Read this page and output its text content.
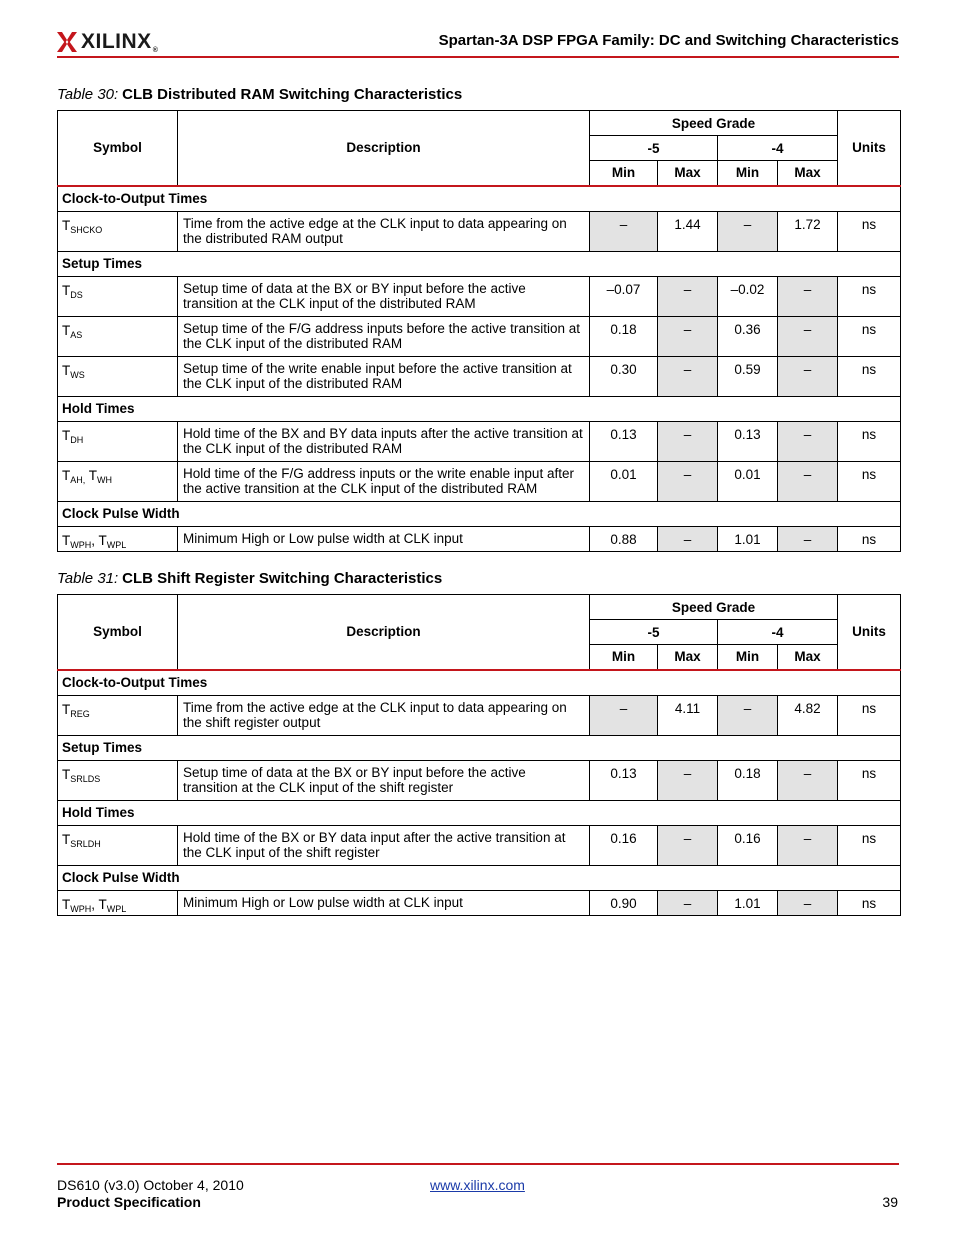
XILINX®
Spartan-3A DSP FPGA Family: DC and Switching Characteristics
Table 30: CLB Distributed RAM Switching Characteristics
Symbol	Description	Speed Grade				Units
		-5		-4		
		Min	Max	Min	Max	
Clock-to-Output Times						
$T_{SHCKO}$	Time from the active edge at the CLK input to data appearing on the distributed RAM output	–	1.44	–	1.72	ns
Setup Times						
$T_{DS}$	Setup time of data at the BX or BY input before the active transition at the CLK input of the distributed RAM	–0.07	–	–0.02	–	ns
$T_{AS}$	Setup time of the F/G address inputs before the active transition at the CLK input of the distributed RAM	0.18	–	0.36	–	ns
$T_{WS}$	Setup time of the write enable input before the active transition at the CLK input of the distributed RAM	0.30	–	0.59	–	ns
Hold Times						
$T_{DH}$	Hold time of the BX and BY data inputs after the active transition at the CLK input of the distributed RAM	0.13	–	0.13	–	ns
$T_{AH,}$ $T_{WH}$	Hold time of the F/G address inputs or the write enable input after the active transition at the CLK input of the distributed RAM	0.01	–	0.01	–	ns
Clock Pulse Width						
$T_{WPH}$, $T_{WPL}$	Minimum High or Low pulse width at CLK input	0.88	–	1.01	–	ns
Table 31: CLB Shift Register Switching Characteristics
Symbol	Description	Speed Grade				Units
		-5		-4		
		Min	Max	Min	Max	
Clock-to-Output Times						
$T_{REG}$	Time from the active edge at the CLK input to data appearing on the shift register output	–	4.11	–	4.82	ns
Setup Times						
$T_{SRLDS}$	Setup time of data at the BX or BY input before the active transition at the CLK input of the shift register	0.13	–	0.18	–	ns
Hold Times						
$T_{SRLDH}$	Hold time of the BX or BY data input after the active transition at the CLK input of the shift register	0.16	–	0.16	–	ns
Clock Pulse Width						
$T_{WPH}$, $T_{WPL}$	Minimum High or Low pulse width at CLK input	0.90	–	1.01	–	ns
DS610 (v3.0) October 4, 2010
Product Specification
www.xilinx.com
39
